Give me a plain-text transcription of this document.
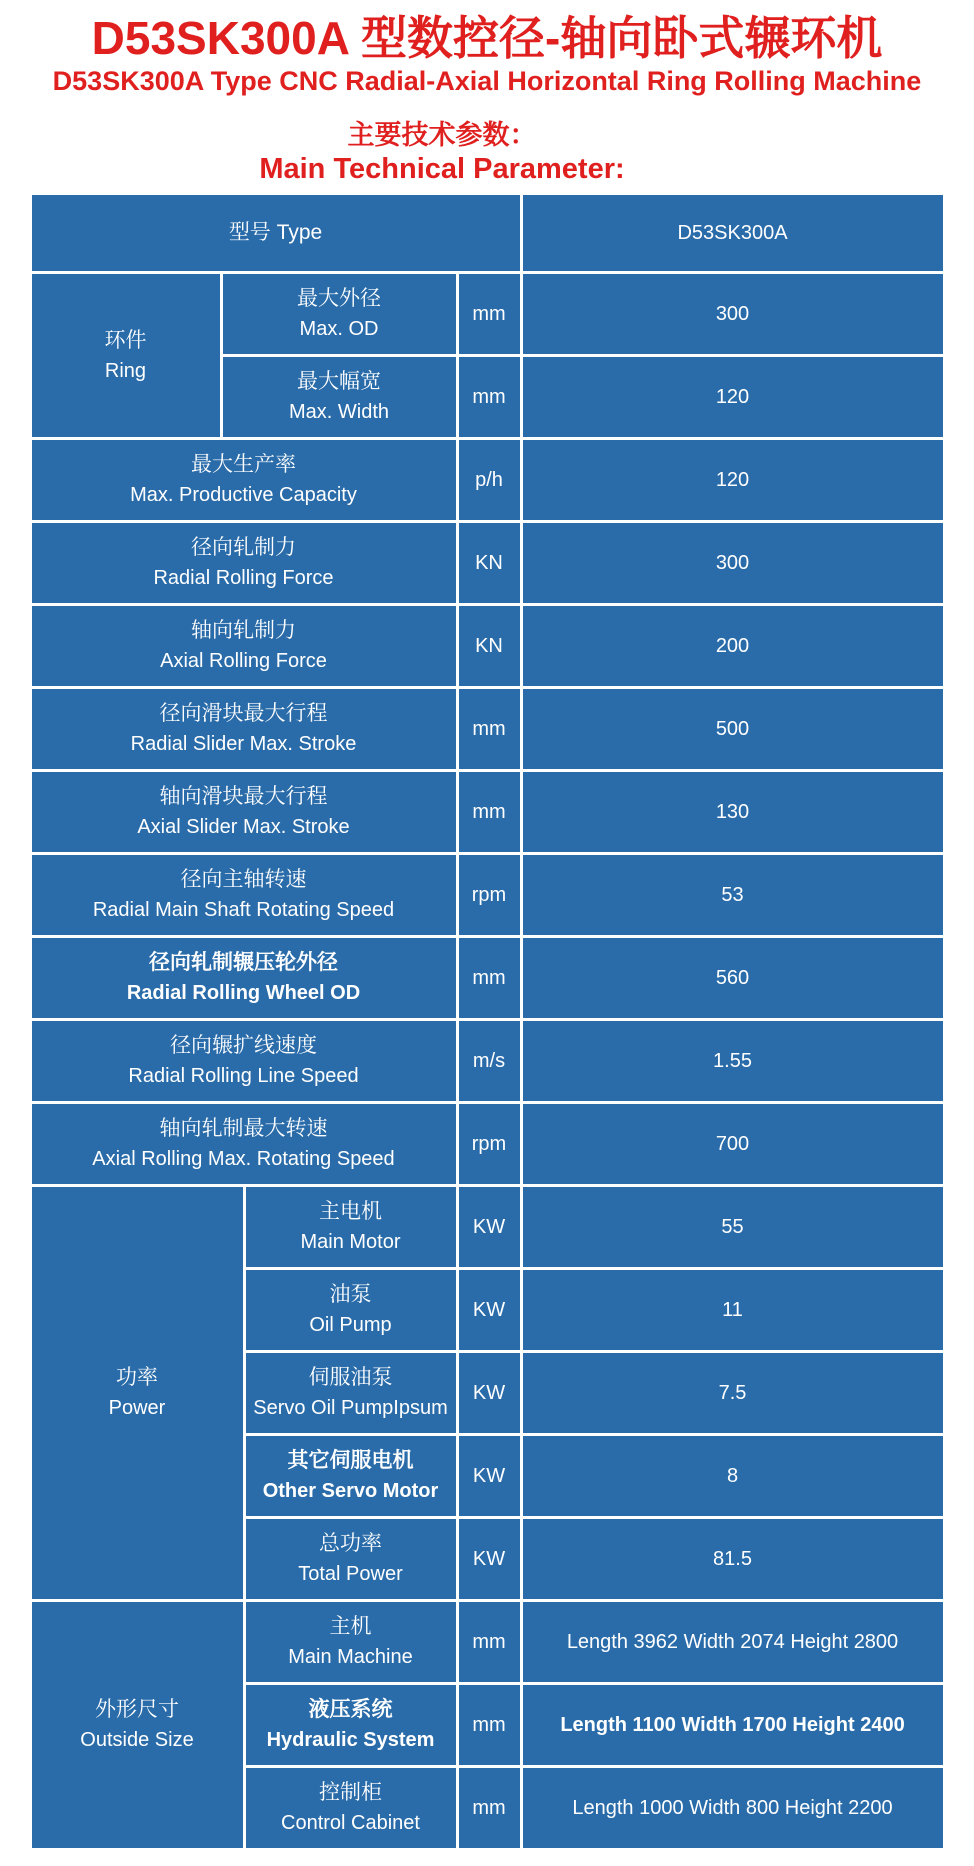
D53SK300A 型数控径-轴向卧式辗环机
D53SK300A Type CNC Radial-Axial Horizontal Ring Rolling Machine
主要技术参数：
Main Technical Parameter:
型号 Type	D53SK300A
环件
Ring
最大外径
Max. OD
mm	300
最大幅宽
Max. Width
mm	120
最大生产率
Max. Productive Capacity
p/h	120
径向轧制力
Radial Rolling Force
KN	300
轴向轧制力
Axial Rolling Force
KN	200
径向滑块最大行程
Radial Slider Max. Stroke
mm	500
轴向滑块最大行程
Axial Slider Max. Stroke
mm	130
径向主轴转速
Radial Main Shaft Rotating Speed
rpm	53
径向轧制辗压轮外径
Radial Rolling Wheel OD
mm	560
径向辗扩线速度
Radial Rolling Line Speed
m/s	1.55
轴向轧制最大转速
Axial Rolling Max. Rotating Speed
rpm	700
功率
Power
主电机
Main Motor
KW	55
油泵
Oil Pump
KW	11
伺服油泵
Servo Oil PumpIpsum
KW	7.5
其它伺服电机
Other Servo Motor
KW	8
总功率
Total Power
KW	81.5
外形尺寸
Outside Size
主机
Main Machine
mm	Length 3962 Width 2074 Height 2800
液压系统
Hydraulic System
mm	Length 1100 Width 1700 Height 2400
控制柜
Control Cabinet
mm	Length 1000 Width 800 Height 2200
